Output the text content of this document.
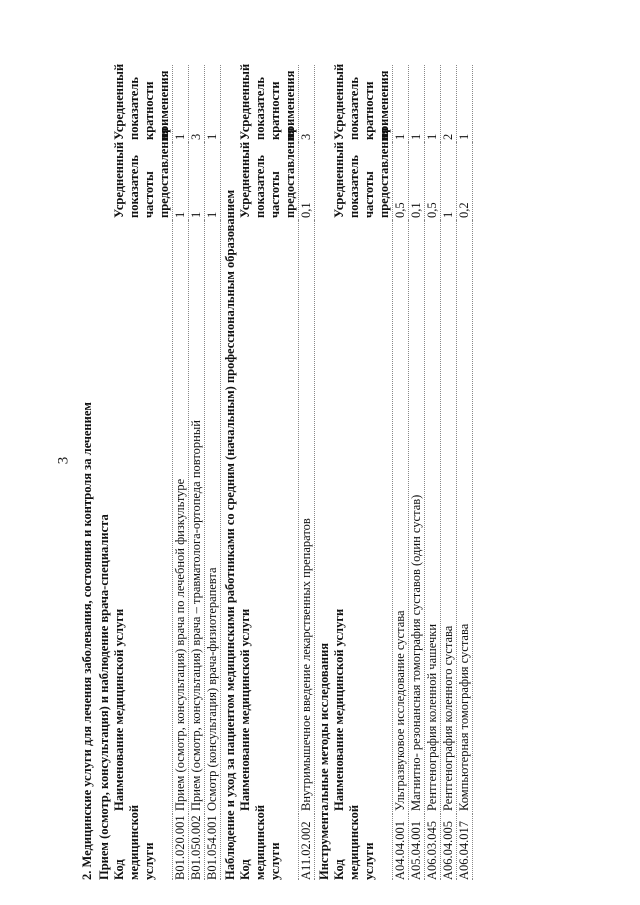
3 2. Медицинские услуги для лечения заболевания, состояния и контроля за лечением Прием (осмотр, консультация) и наблюдение врача-специалиста Код медицинской услуги	Наименование медицинской услуги	Усредненный показатель частоты предоставления	Усредненный показатель кратности применения
B01.020.001	Прием (осмотр, консультация) врача по лечебной физкультуре	1	1
B01.050.002	Прием (осмотр, консультация) врача – травматолога-ортопеда повторный	1	3
B01.054.001	Осмотр (консультация) врача-физиотерапевта	1	1
Наблюдение и уход за пациентом медицинскими работниками со средним (начальным) профессиональным образованием Код медицинской услуги	Наименование медицинской услуги	Усредненный показатель частоты предоставления	Усредненный показатель кратности применения
A11.02.002	Внутримышечное введение лекарственных препаратов	0,1	3
Инструментальные методы исследования Код медицинской услуги	Наименование медицинской услуги	Усредненный показатель частоты предоставления	Усредненный показатель кратности применения
A04.04.001	Ультразвуковое исследование сустава	0,5	1
A05.04.001	Магнитно- резонансная томография суставов (один сустав)	0,1	1
A06.03.045	Рентгенография коленной чашечки	0,5	1
A06.04.005	Рентгенография коленного сустава	1	2
A06.04.017	Компьютерная томография сустава	0,2	1
